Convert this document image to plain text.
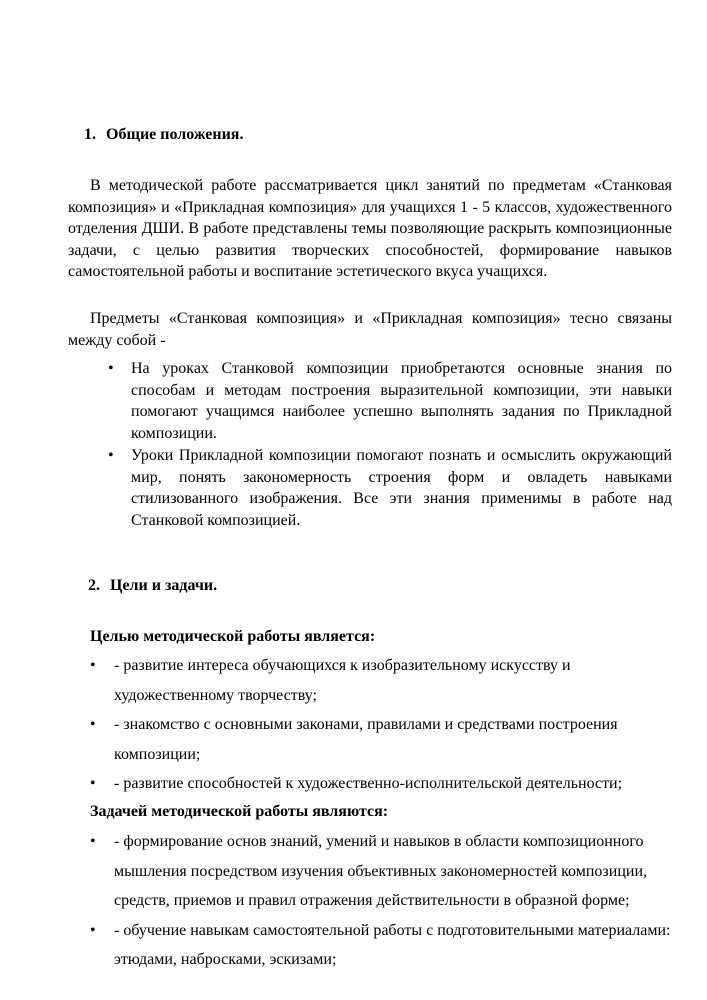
1. Общие положения.

В методической работе рассматривается цикл занятий по предметам «Станковая композиция» и «Прикладная композиция» для учащихся 1 - 5 классов, художественного отделения ДШИ. В работе представлены темы позволяющие раскрыть композиционные задачи, с целью развития творческих способностей, формирование навыков самостоятельной работы и воспитание эстетического вкуса учащихся.

Предметы «Станковая композиция» и «Прикладная композиция» тесно связаны между собой -

• На уроках Станковой композиции приобретаются основные знания по способам и методам построения выразительной композиции, эти навыки помогают учащимся наиболее успешно выполнять задания по Прикладной композиции.
• Уроки Прикладной композиции помогают познать и осмыслить окружающий мир, понять закономерность строения форм и овладеть навыками стилизованного изображения. Все эти знания применимы в работе над Станковой композицией.
2. Цели и задачи.
Целью методической работы является:
• - развитие интереса обучающихся к изобразительному искусству и художественному творчеству;
• - знакомство с основными законами, правилами и средствами построения композиции;
• - развитие способностей к художественно-исполнительской деятельности;
Задачей методической работы являются:
• - формирование основ знаний, умений и навыков в области композиционного мышления посредством изучения объективных закономерностей композиции, средств, приемов и правил отражения действительности в образной форме;
• - обучение навыкам самостоятельной работы с подготовительными материалами: этюдами, набросками, эскизами;
